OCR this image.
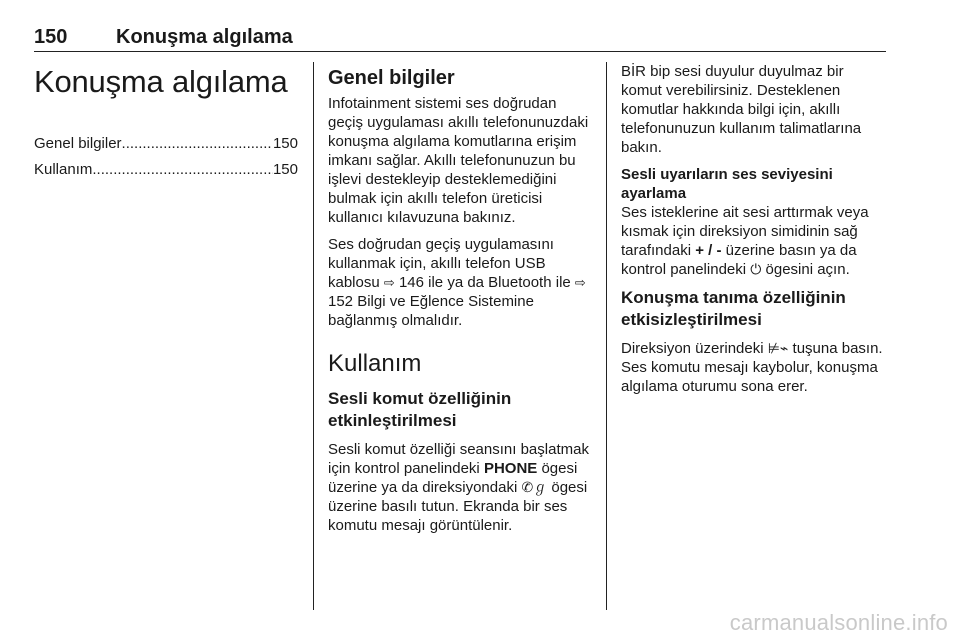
150 Konuşma algılama
Konuşma algılama
Genel bilgiler .....	150
Kullanım .....	150
Genel bilgiler

Infotainment sistemi ses doğrudan geçiş uygulaması akıllı telefonunuzdaki konuşma algılama komutlarına erişim imkanı sağlar. Akıllı telefonunuzun bu işlevi destekleyip desteklemediğini bulmak için akıllı telefon üreticisi kullanıcı kılavuzuna bakınız.

Ses doğrudan geçiş uygulamasını kullanmak için, akıllı telefon USB kablosu ⇨ 146 ile ya da Bluetooth ile ⇨ 152 Bilgi ve Eğlence Sistemine bağlanmış olmalıdır.

Kullanım
Sesli komut özelliğinin etkinleştirilmesi

Sesli komut özelliği seansını başlatmak için kontrol panelindeki PHONE ögesi üzerine ya da direksiyondaki ✆ℊ ögesi üzerine basılı tutun. Ekranda bir ses komutu mesajı görüntülenir.

BİR bip sesi duyulur duyulmaz bir komut verebilirsiniz. Desteklenen komutlar hakkında bilgi için, akıllı telefonunuzun kullanım talimatlarına bakın.

Sesli uyarıların ses seviyesini ayarlama

Ses isteklerine ait sesi arttırmak veya kısmak için direksiyon simidinin sağ tarafındaki + / - üzerine basın ya da kontrol panelindeki ⏻ ögesini açın.

Konuşma tanıma özelliğinin etkisizleştirilmesi

Direksiyon üzerindeki ⊭⌁ tuşuna basın. Ses komutu mesajı kaybolur, konuşma algılama oturumu sona erer.

carmanualsonline.info
